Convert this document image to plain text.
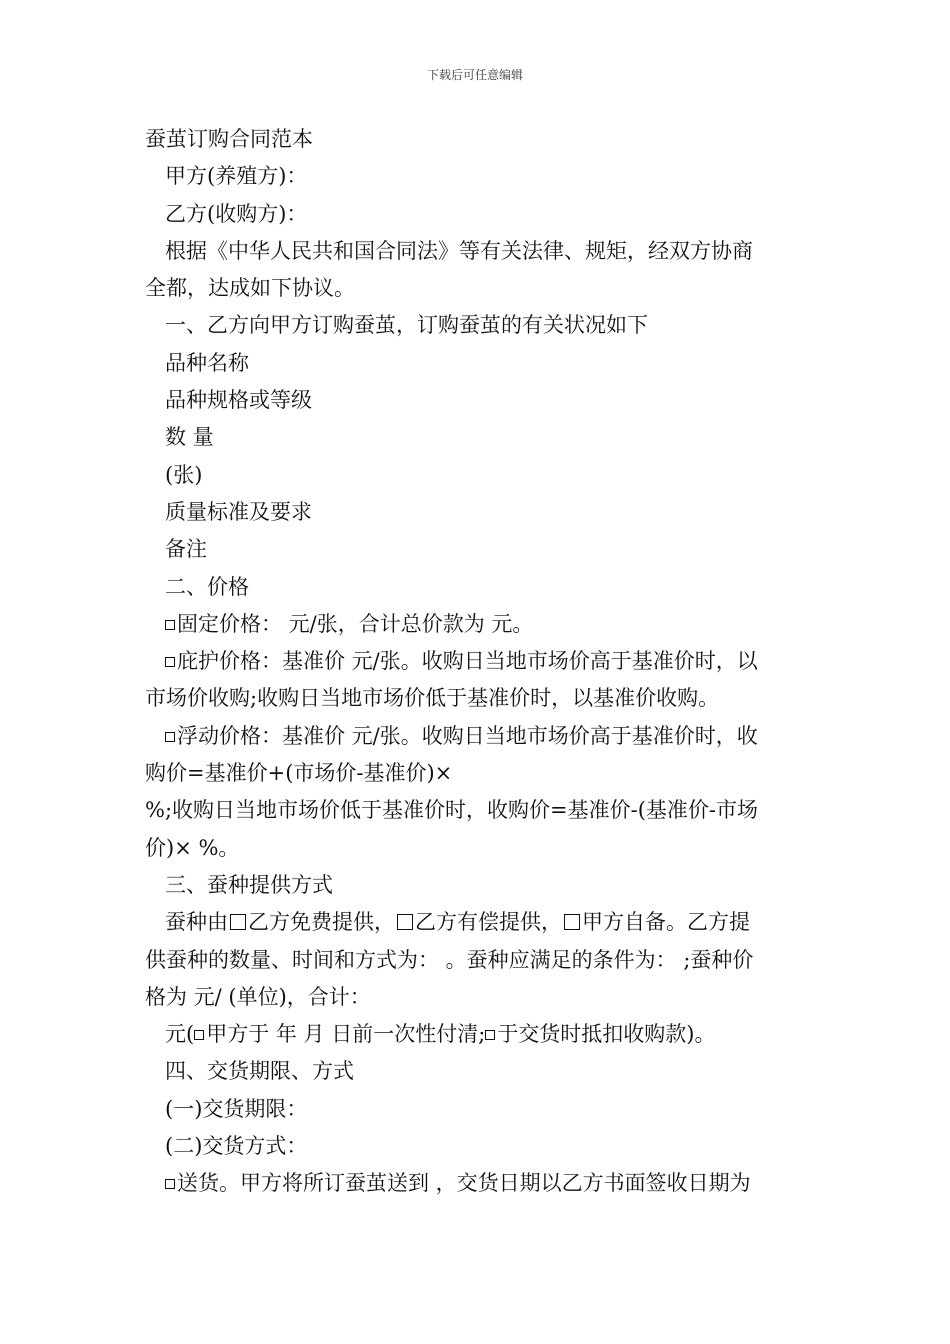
下载后可任意编辑
蚕茧订购合同范本
甲方(养殖方)：
乙方(收购方)：
根据《中华人民共和国合同法》等有关法律、规矩，经双方协商
全都，达成如下协议。
一、乙方向甲方订购蚕茧，订购蚕茧的有关状况如下
品种名称
品种规格或等级
数 量
(张)
质量标准及要求
备注
二、价格
固定价格： 元/张，合计总价款为 元。
庇护价格：基准价 元/张。收购日当地市场价高于基准价时，以
市场价收购;收购日当地市场价低于基准价时，以基准价收购。
浮动价格：基准价 元/张。收购日当地市场价高于基准价时，收
购价=基准价+(市场价-基准价)×
%;收购日当地市场价低于基准价时，收购价=基准价-(基准价-市场
价)× %。
三、蚕种提供方式
蚕种由 乙方免费提供， 乙方有偿提供， 甲方自备。乙方提
供蚕种的数量、时间和方式为： 。蚕种应满足的条件为： ;蚕种价
格为 元/ (单位)，合计：
元( 甲方于 年 月 日前一次性付清; 于交货时抵扣收购款)。
四、交货期限、方式
(一)交货期限：
(二)交货方式：
送货。甲方将所订蚕茧送到 ，交货日期以乙方书面签收日期为
